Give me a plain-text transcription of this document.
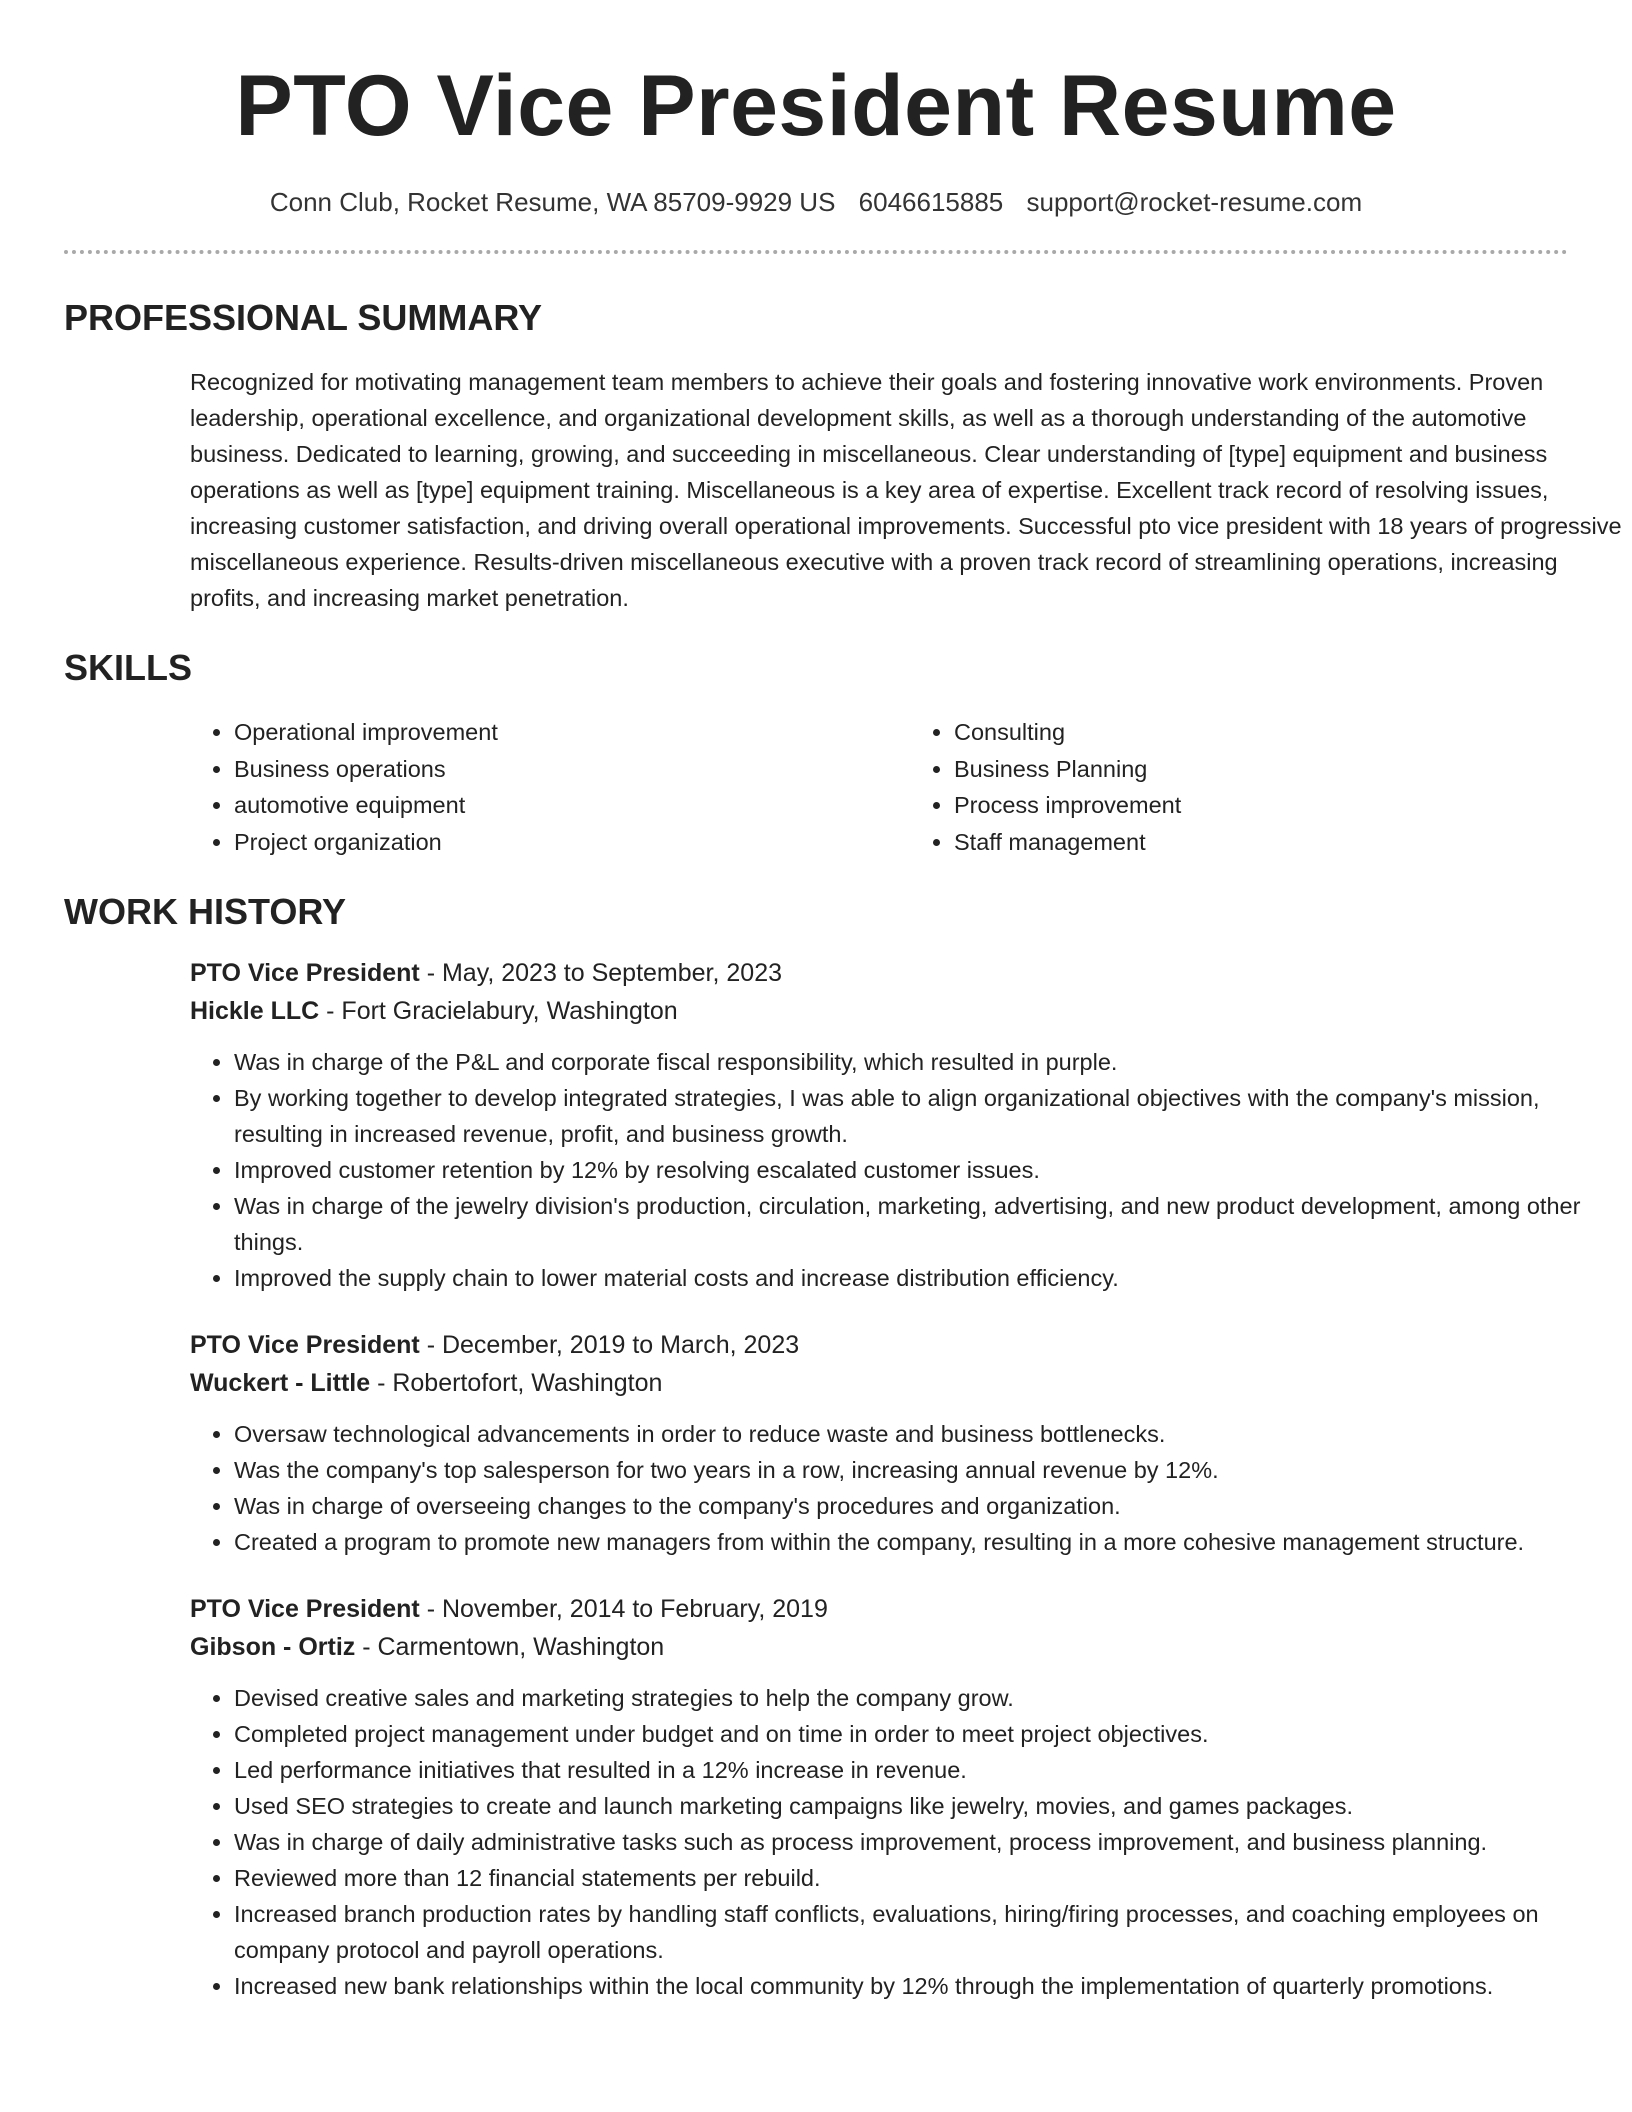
PTO Vice President Resume
Conn Club, Rocket Resume, WA 85709-9929 US 6046615885 support@rocket-resume.com
PROFESSIONAL SUMMARY
Recognized for motivating management team members to achieve their goals and fostering innovative work environments. Proven leadership, operational excellence, and organizational development skills, as well as a thorough understanding of the automotive business. Dedicated to learning, growing, and succeeding in miscellaneous. Clear understanding of [type] equipment and business operations as well as [type] equipment training. Miscellaneous is a key area of expertise. Excellent track record of resolving issues, increasing customer satisfaction, and driving overall operational improvements. Successful pto vice president with 18 years of progressive miscellaneous experience. Results-driven miscellaneous executive with a proven track record of streamlining operations, increasing profits, and increasing market penetration.
SKILLS
• Operational improvement
• Business operations
• automotive equipment
• Project organization
• Consulting
• Business Planning
• Process improvement
• Staff management
WORK HISTORY
PTO Vice President - May, 2023 to September, 2023
Hickle LLC - Fort Gracielabury, Washington
• Was in charge of the P&L and corporate fiscal responsibility, which resulted in purple.
• By working together to develop integrated strategies, I was able to align organizational objectives with the company's mission, resulting in increased revenue, profit, and business growth.
• Improved customer retention by 12% by resolving escalated customer issues.
• Was in charge of the jewelry division's production, circulation, marketing, advertising, and new product development, among other things.
• Improved the supply chain to lower material costs and increase distribution efficiency.
PTO Vice President - December, 2019 to March, 2023
Wuckert - Little - Robertofort, Washington
• Oversaw technological advancements in order to reduce waste and business bottlenecks.
• Was the company's top salesperson for two years in a row, increasing annual revenue by 12%.
• Was in charge of overseeing changes to the company's procedures and organization.
• Created a program to promote new managers from within the company, resulting in a more cohesive management structure.
PTO Vice President - November, 2014 to February, 2019
Gibson - Ortiz - Carmentown, Washington
• Devised creative sales and marketing strategies to help the company grow.
• Completed project management under budget and on time in order to meet project objectives.
• Led performance initiatives that resulted in a 12% increase in revenue.
• Used SEO strategies to create and launch marketing campaigns like jewelry, movies, and games packages.
• Was in charge of daily administrative tasks such as process improvement, process improvement, and business planning.
• Reviewed more than 12 financial statements per rebuild.
• Increased branch production rates by handling staff conflicts, evaluations, hiring/firing processes, and coaching employees on company protocol and payroll operations.
• Increased new bank relationships within the local community by 12% through the implementation of quarterly promotions.
